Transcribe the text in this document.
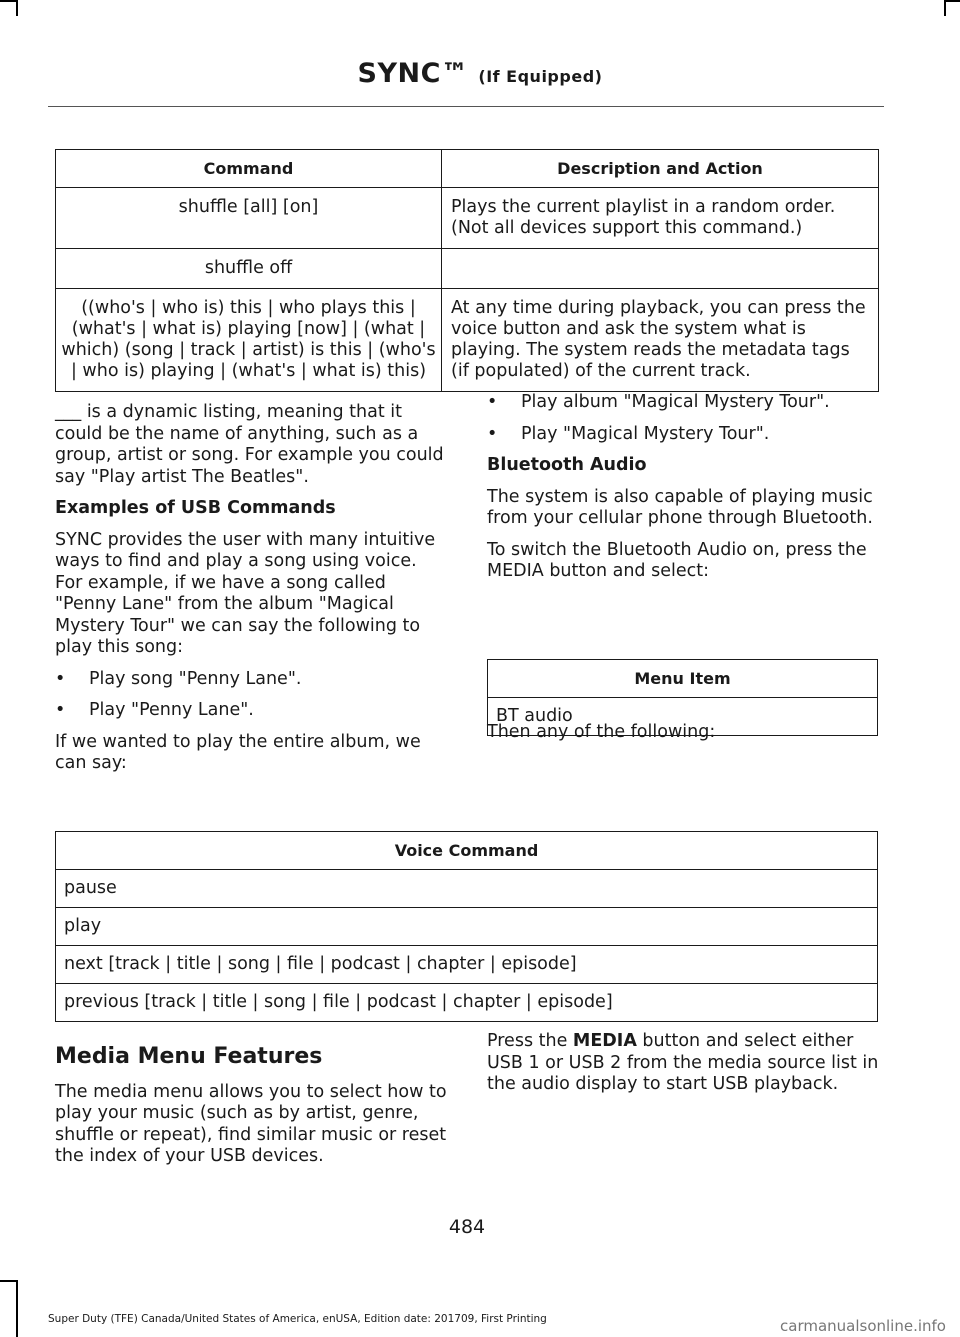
SYNC™ (If Equipped)
Command	Description and Action
shuffle [all] [on]	Plays the current playlist in a random order. (Not all devices support this command.)
shuffle off	
((who's | who is) this | who plays this | (what's | what is) playing [now] | (what | which) (song | track | artist) is this | (who's | who is) playing | (what's | what is) this)	At any time during playback, you can press the voice button and ask the system what is playing. The system reads the metadata tags (if populated) of the current track.

___ is a dynamic listing, meaning that it could be the name of anything, such as a group, artist or song. For example you could say "Play artist The Beatles".

Examples of USB Commands

SYNC provides the user with many intuitive ways to find and play a song using voice. For example, if we have a song called "Penny Lane" from the album "Magical Mystery Tour" we can say the following to play this song:

• Play song "Penny Lane".
• Play "Penny Lane".

If we wanted to play the entire album, we can say:

• Play album "Magical Mystery Tour".
• Play "Magical Mystery Tour".
Bluetooth Audio

The system is also capable of playing music from your cellular phone through Bluetooth.

To switch the Bluetooth Audio on, press the MEDIA button and select:

Menu Item
BT audio
Then any of the following:
Voice Command
pause
play
next [track | title | song | file | podcast | chapter | episode]
previous [track | title | song | file | podcast | chapter | episode]
Media Menu Features

The media menu allows you to select how to play your music (such as by artist, genre, shuffle or repeat), find similar music or reset the index of your USB devices.

Press the MEDIA button and select either USB 1 or USB 2 from the media source list in the audio display to start USB playback.

484
Super Duty (TFE) Canada/United States of America, enUSA, Edition date: 201709, First Printing	carmanualsonline.info
